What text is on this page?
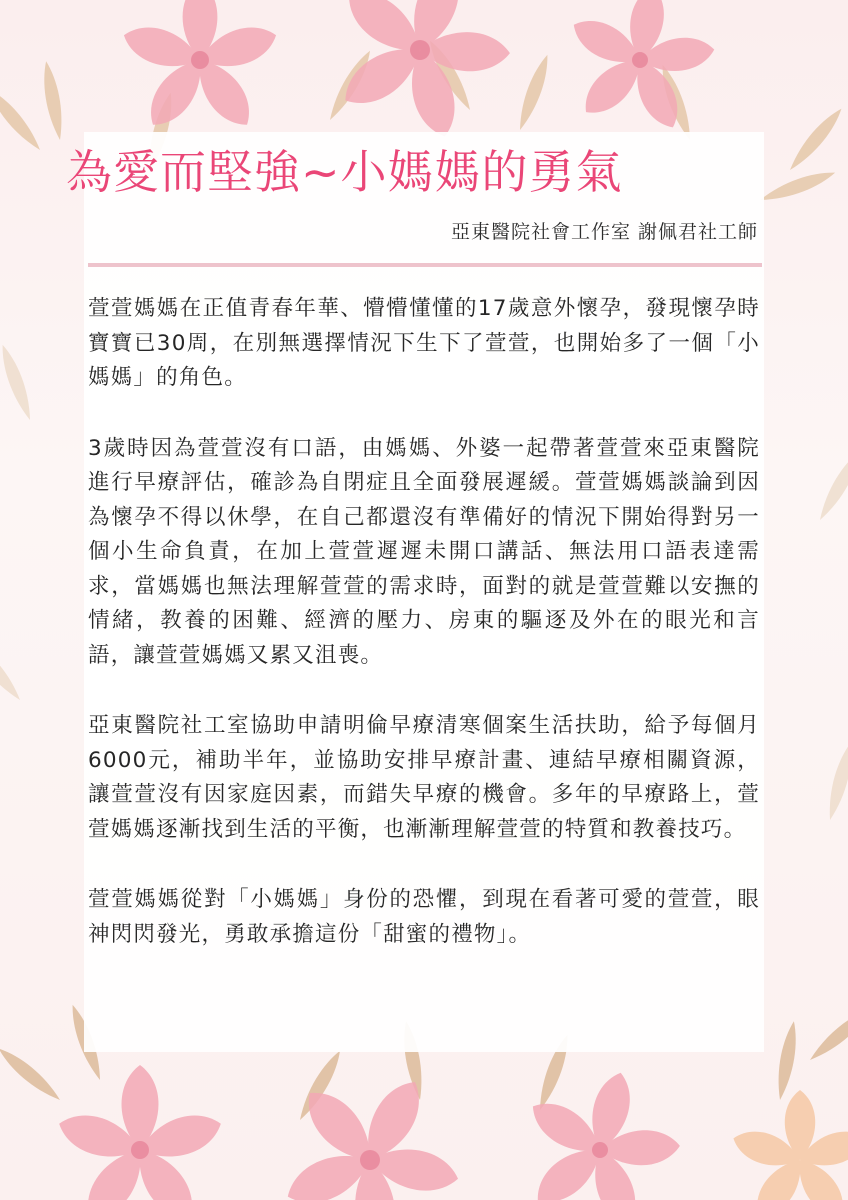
為愛而堅強~小媽媽的勇氣
亞東醫院社會工作室 謝佩君社工師

萱萱媽媽在正值青春年華、懵懵懂懂的17歲意外懷孕，發現懷孕時寶寶已30周，在別無選擇情況下生下了萱萱，也開始多了一個「小媽媽」的角色。

3歲時因為萱萱沒有口語，由媽媽、外婆一起帶著萱萱來亞東醫院進行早療評估，確診為自閉症且全面發展遲緩。萱萱媽媽談論到因為懷孕不得以休學，在自己都還沒有準備好的情況下開始得對另一個小生命負責，在加上萱萱遲遲未開口講話、無法用口語表達需求，當媽媽也無法理解萱萱的需求時，面對的就是萱萱難以安撫的情緒，教養的困難、經濟的壓力、房東的驅逐及外在的眼光和言語，讓萱萱媽媽又累又沮喪。

亞東醫院社工室協助申請明倫早療清寒個案生活扶助，給予每個月6000元，補助半年，並協助安排早療計畫、連結早療相關資源，讓萱萱沒有因家庭因素，而錯失早療的機會。多年的早療路上，萱萱媽媽逐漸找到生活的平衡，也漸漸理解萱萱的特質和教養技巧。

萱萱媽媽從對「小媽媽」身份的恐懼，到現在看著可愛的萱萱，眼神閃閃發光，勇敢承擔這份「甜蜜的禮物」。
